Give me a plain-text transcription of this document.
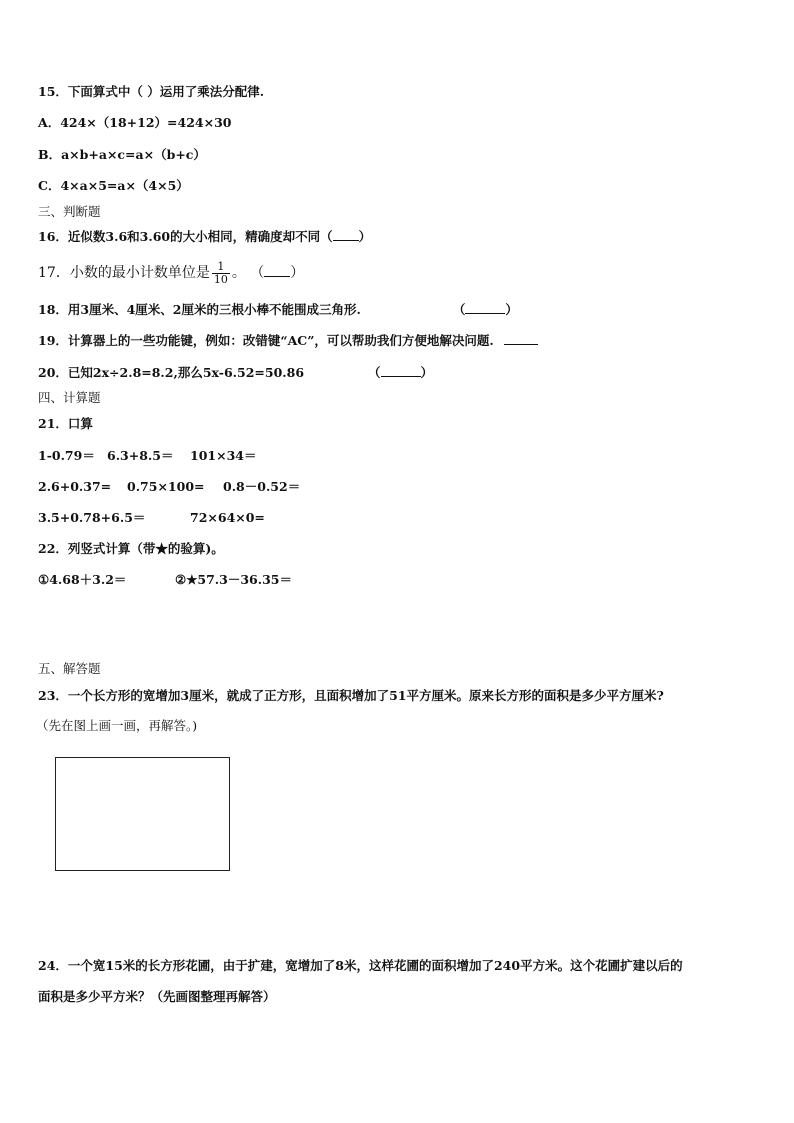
15．下面算式中（ ）运用了乘法分配律.
A．424×（18+12）=424×30
B．a×b+a×c=a×（b+c）
C．4×a×5=a×（4×5）
三、判断题
16．近似数3.6和3.60的大小相同，精确度却不同（ ）
17．小数的最小计数单位是 $\frac{1}{10}$ 。 （ ）
18．用3厘米、4厘米、2厘米的三根小棒不能围成三角形.	（	）
19．计算器上的一些功能键，例如：改错键“AC”，可以帮助我们方便地解决问题.
20．已知2x÷2.8=8.2,那么5x-6.52=50.86	（	）
四、计算题
21．口算
1-0.79＝ 6.3+8.5＝ 101×34＝
2.6+0.37= 0.75×100= 0.8－0.52＝
3.5+0.78+6.5＝	72×64×0=
22．列竖式计算（带★的验算)。
①4.68＋3.2＝	②★57.3－36.35＝
五、解答题
23．一个长方形的宽增加3厘米，就成了正方形，且面积增加了51平方厘米。原来长方形的面积是多少平方厘米?
（先在图上画一画，再解答。)
24．一个宽15米的长方形花圃，由于扩建，宽增加了8米，这样花圃的面积增加了240平方米。这个花圃扩建以后的
面积是多少平方米？（先画图整理再解答）
